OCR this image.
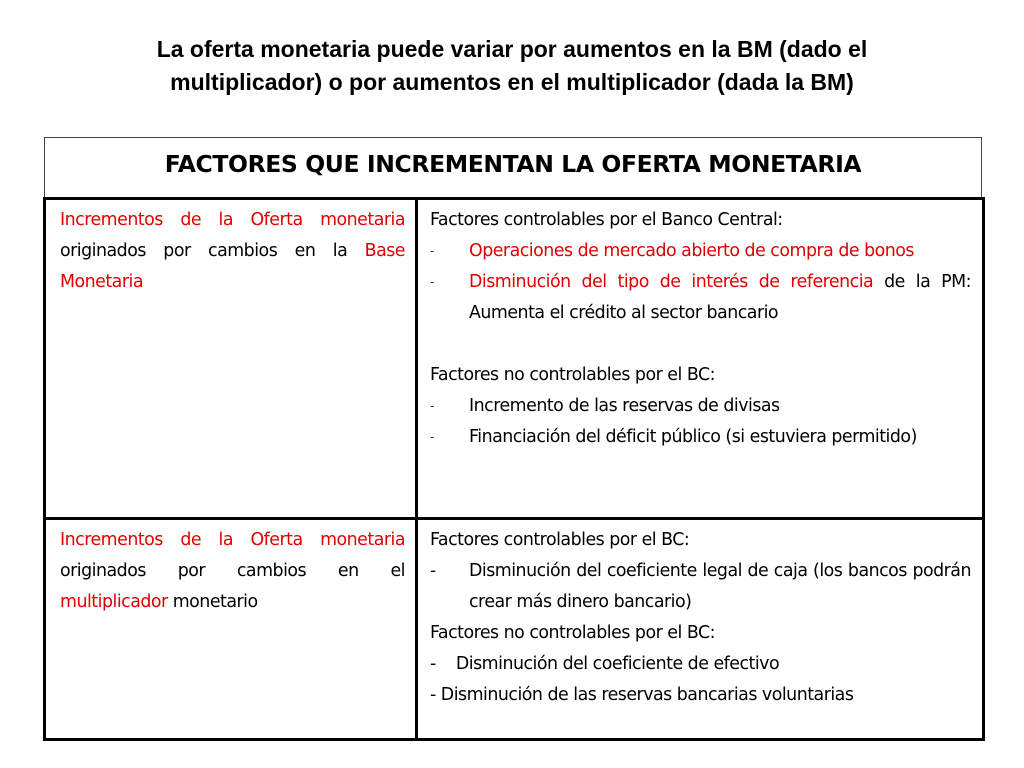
La oferta monetaria puede variar por aumentos en la BM (dado el
multiplicador) o por aumentos en el multiplicador (dada la BM)
FACTORES QUE INCREMENTAN LA OFERTA MONETARIA
Incrementos de la Oferta monetaria originados por cambios en la Base Monetaria
Factores controlables por el Banco Central:
- Operaciones de mercado abierto de compra de bonos
- Disminución del tipo de interés de referencia de la PM: Aumenta el crédito al sector bancario
Factores no controlables por el BC:
- Incremento de las reservas de divisas
- Financiación del déficit público (si estuviera permitido)
Incrementos de la Oferta monetaria originados por cambios en el multiplicador monetario
Factores controlables por el BC:
- Disminución del coeficiente legal de caja (los bancos podrán crear más dinero bancario)
Factores no controlables por el BC:
-    Disminución del coeficiente de efectivo
- Disminución de las reservas bancarias voluntarias
